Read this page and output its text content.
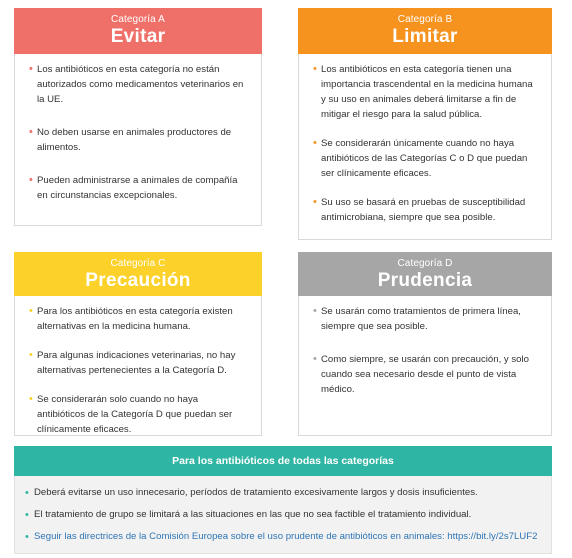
Categoría A
Evitar
• Los antibióticos en esta categoría no están autorizados como medicamentos veterinarios en la UE.
• No deben usarse en animales productores de alimentos.
• Pueden administrarse a animales de compañía en circunstancias excepcionales.
Categoría B
Limitar
• Los antibióticos en esta categoría tienen una importancia trascendental en la medicina humana y su uso en animales deberá limitarse a fin de mitigar el riesgo para la salud pública.
• Se considerarán únicamente cuando no haya antibióticos de las Categorías C o D que puedan ser clínicamente eficaces.
• Su uso se basará en pruebas de susceptibilidad antimicrobiana, siempre que sea posible.
Categoría C
Precaución
• Para los antibióticos en esta categoría existen alternativas en la medicina humana.
• Para algunas indicaciones veterinarias, no hay alternativas pertenecientes a la Categoría D.
• Se considerarán solo cuando no haya antibióticos de la Categoría D que puedan ser clínicamente eficaces.
Categoría D
Prudencia
• Se usarán como tratamientos de primera línea, siempre que sea posible.
• Como siempre, se usarán con precaución, y solo cuando sea necesario desde el punto de vista médico.
Para los antibióticos de todas las categorías
• Deberá evitarse un uso innecesario, períodos de tratamiento excesivamente largos y dosis insuficientes.
• El tratamiento de grupo se limitará a las situaciones en las que no sea factible el tratamiento individual.
• Seguir las directrices de la Comisión Europea sobre el uso prudente de antibióticos en animales: https://bit.ly/2s7LUF2
